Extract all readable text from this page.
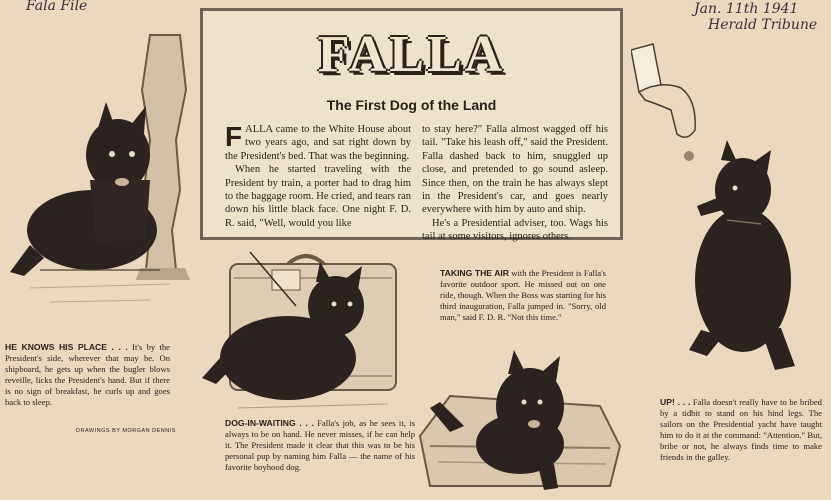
Fala File	Jan. 11th 1941
Herald Tribune
FALLA
The First Dog of the Land

FALLA came to the White House about two years ago, and sat right down by the President's bed. That was the beginning.

When he started traveling with the President by train, a porter had to drag him to the baggage room. He cried, and tears ran down his little black face. One night F. D. R. said, "Well, would you like

to stay here?" Falla almost wagged off his tail. "Take his leash off," said the President. Falla dashed back to him, snuggled up close, and pretended to go sound asleep. Since then, on the train he has always slept in the President's car, and goes nearly everywhere with him by auto and ship.

He's a Presidential adviser, too. Wags his tail at some visitors, ignores others.

HE KNOWS HIS PLACE . . . It's by the President's side, wherever that may be. On shipboard, he gets up when the bugler blows reveille, licks the President's hand. But if there is no sign of breakfast, he curls up and goes back to sleep.
DRAWINGS BY MORGAN DENNIS
DOG-IN-WAITING . . . Falla's job, as he sees it, is always to be on hand. He never misses, if he can help it. The President made it clear that this was to be his personal pup by naming him Falla — the name of his favorite boyhood dog.
TAKING THE AIR with the President is Falla's favorite outdoor sport. He missed out on one ride, though. When the Boss was starting for his third inauguration, Falla jumped in. "Sorry, old man," said F. D. R. "Not this time."
UP! . . . Falla doesn't really have to be bribed by a tidbit to stand on his hind legs. The sailors on the Presidential yacht have taught him to do it at the command: "Attention." But, bribe or not, he always finds time to make friends in the galley.
